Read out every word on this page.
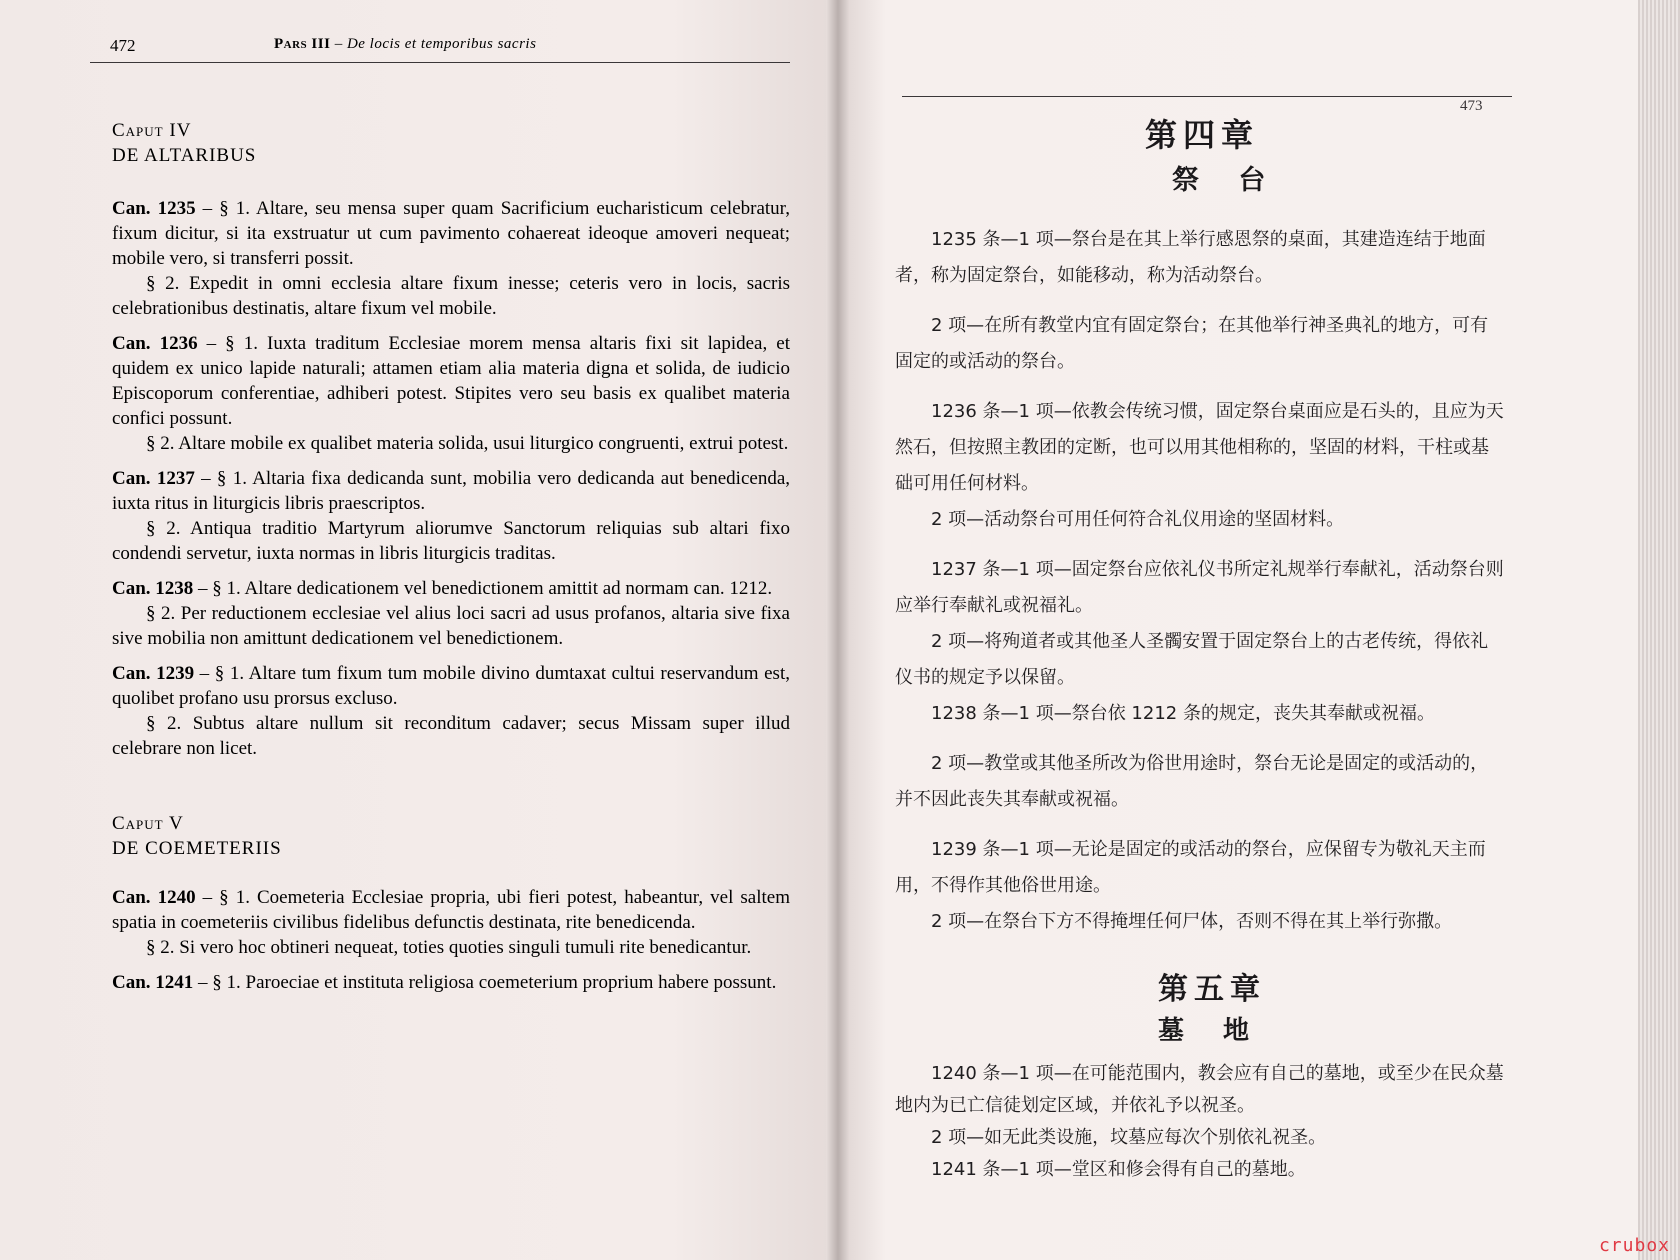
472	Pars III – De locis et temporibus sacris

Caput IV

DE ALTARIBUS

Can. 1235 – § 1. Altare, seu mensa super quam Sacrificium eucharisticum celebratur, fixum dicitur, si ita exstruatur ut cum pavimento cohaereat ideoque amoveri nequeat; mobile vero, si transferri possit.

§ 2. Expedit in omni ecclesia altare fixum inesse; ceteris vero in locis, sacris celebrationibus destinatis, altare fixum vel mobile.

Can. 1236 – § 1. Iuxta traditum Ecclesiae morem mensa altaris fixi sit lapidea, et quidem ex unico lapide naturali; attamen etiam alia materia digna et solida, de iudicio Episcoporum conferentiae, adhiberi potest. Stipites vero seu basis ex qualibet materia confici possunt.

§ 2. Altare mobile ex qualibet materia solida, usui liturgico congruenti, extrui potest.

Can. 1237 – § 1. Altaria fixa dedicanda sunt, mobilia vero dedicanda aut benedicenda, iuxta ritus in liturgicis libris praescriptos.

§ 2. Antiqua traditio Martyrum aliorumve Sanctorum reliquias sub altari fixo condendi servetur, iuxta normas in libris liturgicis traditas.

Can. 1238 – § 1. Altare dedicationem vel benedictionem amittit ad normam can. 1212.

§ 2. Per reductionem ecclesiae vel alius loci sacri ad usus profanos, altaria sive fixa sive mobilia non amittunt dedicationem vel benedictionem.

Can. 1239 – § 1. Altare tum fixum tum mobile divino dumtaxat cultui reservandum est, quolibet profano usu prorsus excluso.

§ 2. Subtus altare nullum sit reconditum cadaver; secus Missam super illud celebrare non licet.

Caput V

DE COEMETERIIS

Can. 1240 – § 1. Coemeteria Ecclesiae propria, ubi fieri potest, habeantur, vel saltem spatia in coemeteriis civilibus fidelibus defunctis destinata, rite benedicenda.

§ 2. Si vero hoc obtineri nequeat, toties quoties singuli tumuli rite benedicantur.

Can. 1241 – § 1. Paroeciae et instituta religiosa coemeterium proprium habere possunt.

473
第四章
祭 台

1235 条—1 项—祭台是在其上举行感恩祭的桌面，其建造连结于地面者，称为固定祭台，如能移动，称为活动祭台。

2 项—在所有教堂内宜有固定祭台；在其他举行神圣典礼的地方，可有固定的或活动的祭台。

1236 条—1 项—依教会传统习惯，固定祭台桌面应是石头的，且应为天然石，但按照主教团的定断，也可以用其他相称的，坚固的材料，干柱或基础可用任何材料。

2 项—活动祭台可用任何符合礼仪用途的坚固材料。

1237 条—1 项—固定祭台应依礼仪书所定礼规举行奉献礼，活动祭台则应举行奉献礼或祝福礼。

2 项—将殉道者或其他圣人圣髑安置于固定祭台上的古老传统，得依礼仪书的规定予以保留。

1238 条—1 项—祭台依 1212 条的规定，丧失其奉献或祝福。

2 项—教堂或其他圣所改为俗世用途时，祭台无论是固定的或活动的，并不因此丧失其奉献或祝福。

1239 条—1 项—无论是固定的或活动的祭台，应保留专为敬礼天主而用，不得作其他俗世用途。

2 项—在祭台下方不得掩埋任何尸体，否则不得在其上举行弥撒。

第五章
墓 地

1240 条—1 项—在可能范围内，教会应有自己的墓地，或至少在民众墓地内为已亡信徒划定区域，并依礼予以祝圣。

2 项—如无此类设施，坟墓应每次个别依礼祝圣。

1241 条—1 项—堂区和修会得有自己的墓地。

crubox
